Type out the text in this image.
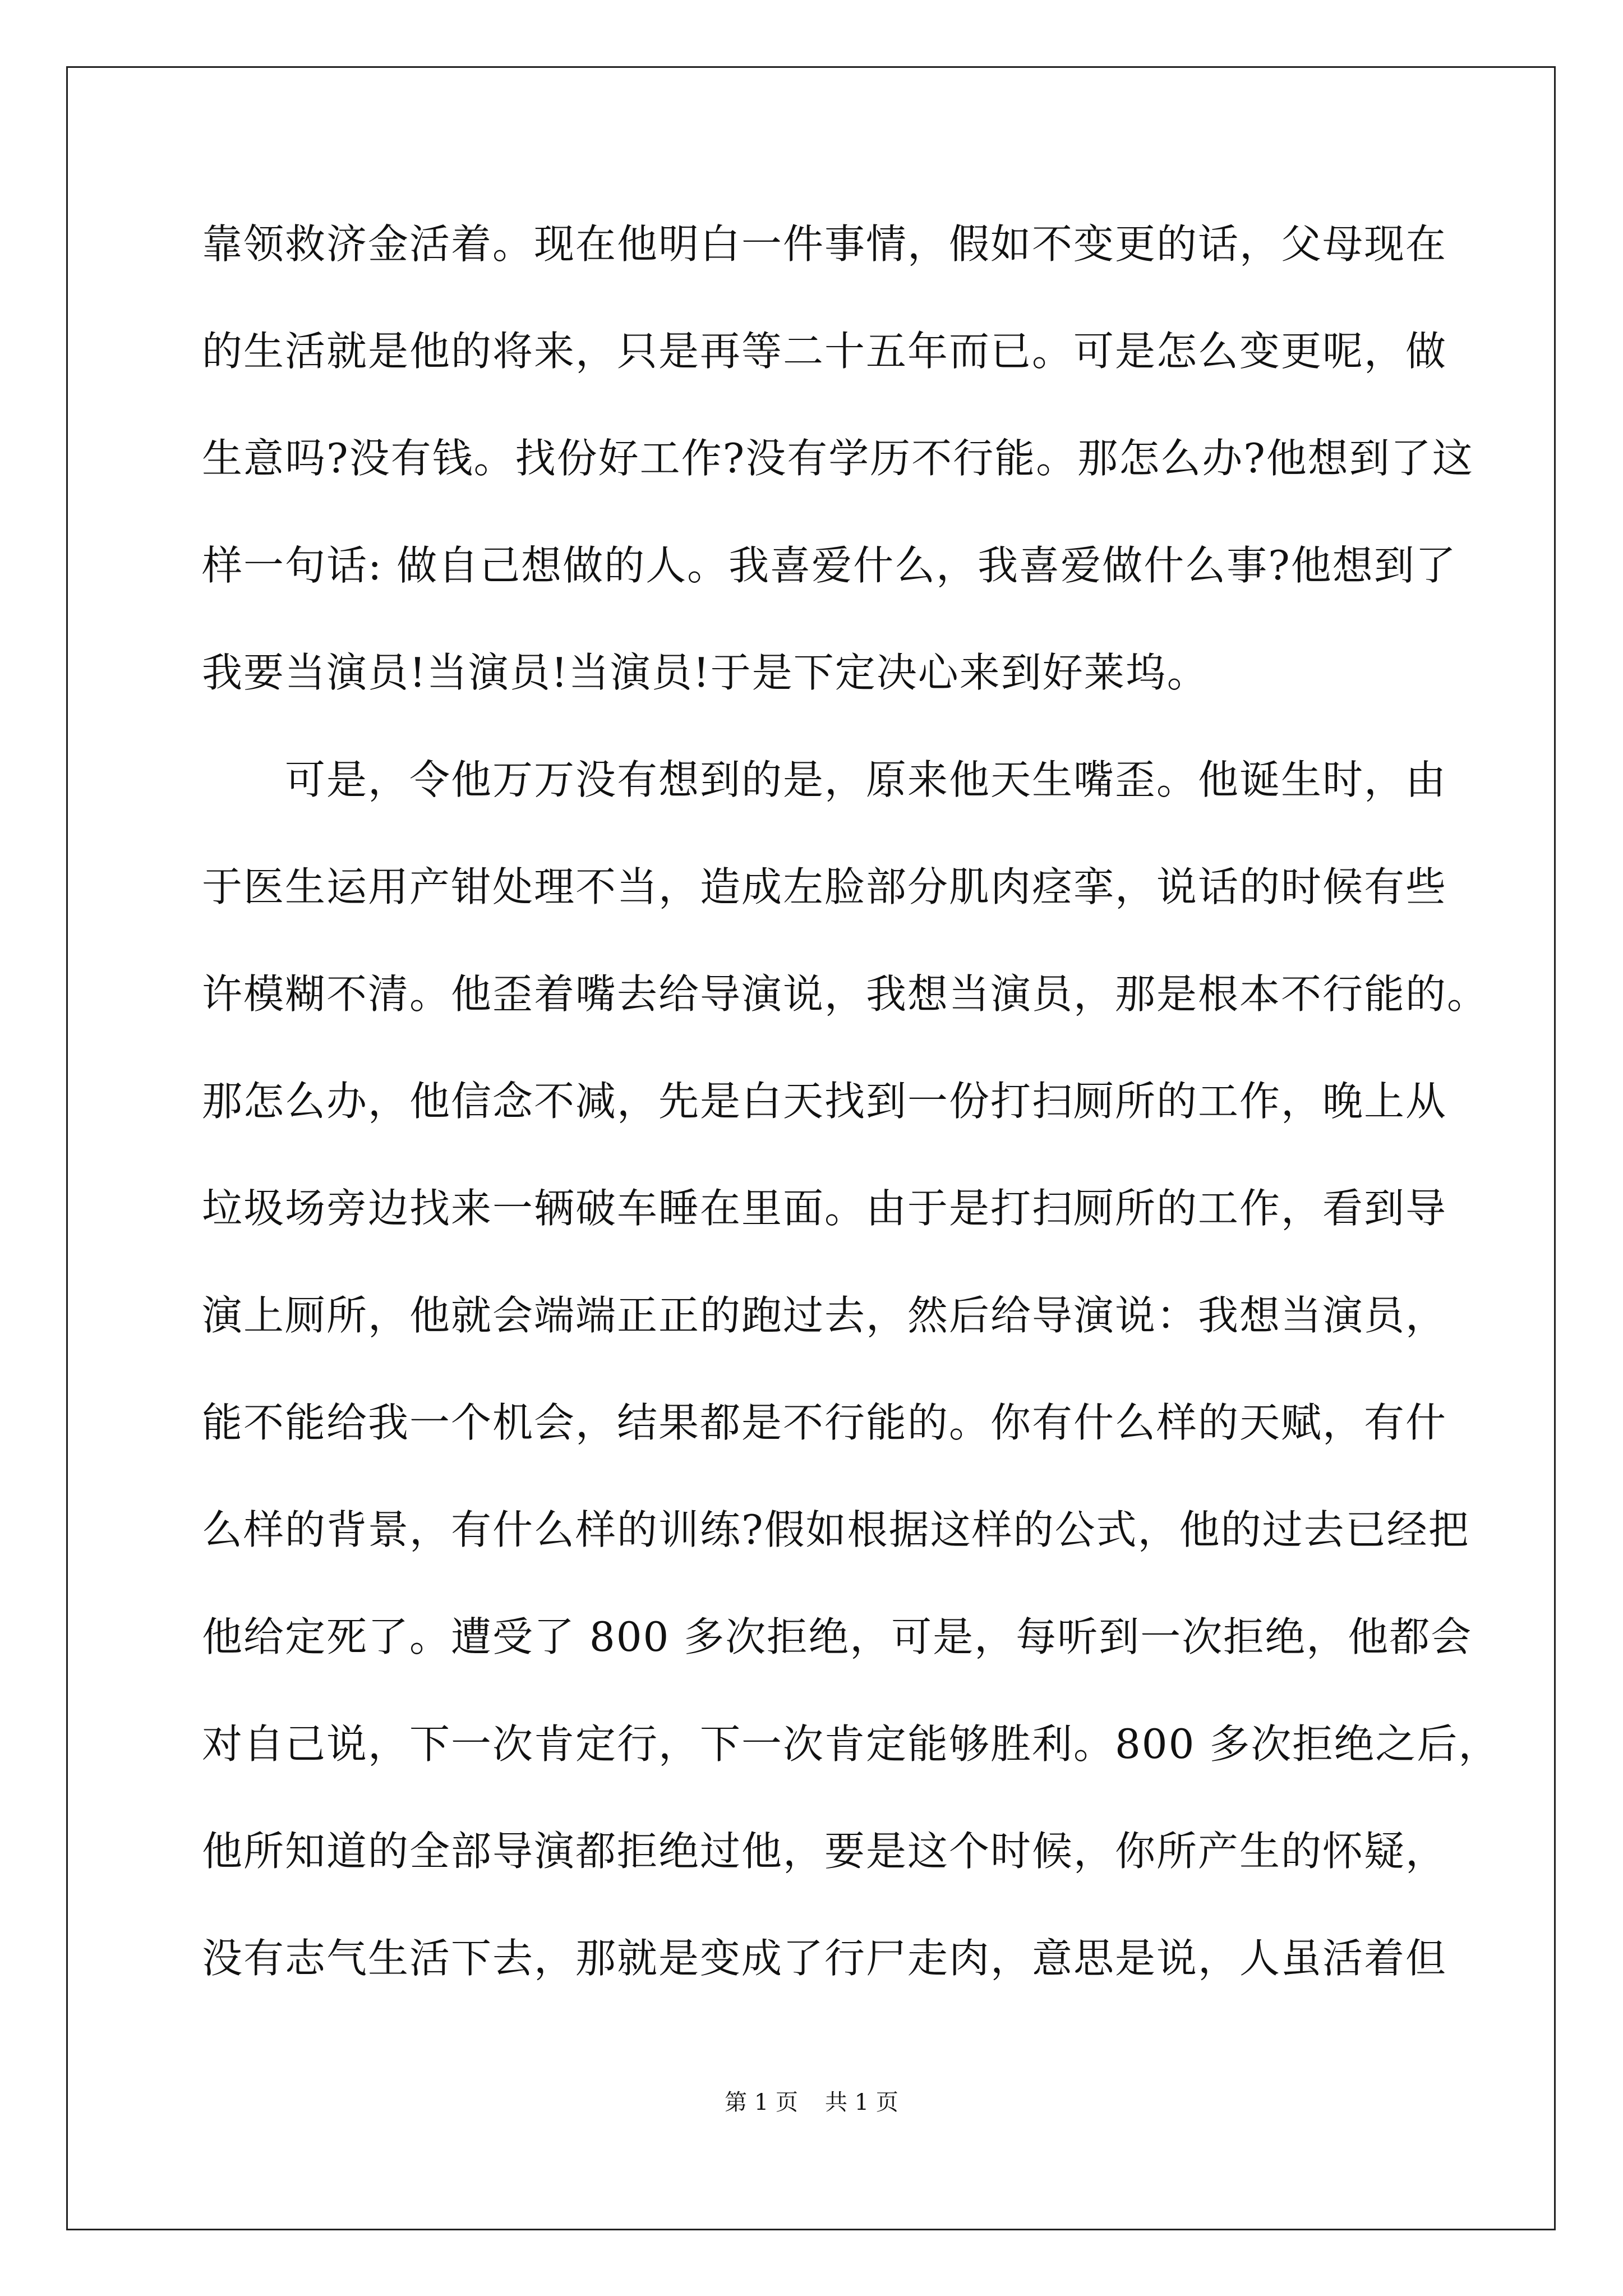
靠领救济金活着。现在他明白一件事情，假如不变更的话，父母现在
的生活就是他的将来，只是再等二十五年而已。可是怎么变更呢，做
生意吗?没有钱。找份好工作?没有学历不行能。那怎么办?他想到了这
样一句话: 做自己想做的人。我喜爱什么，我喜爱做什么事?他想到了
我要当演员!当演员!当演员!于是下定决心来到好莱坞。
可是，令他万万没有想到的是，原来他天生嘴歪。他诞生时，由
于医生运用产钳处理不当，造成左脸部分肌肉痉挛，说话的时候有些
许模糊不清。他歪着嘴去给导演说，我想当演员，那是根本不行能的。
那怎么办，他信念不减，先是白天找到一份打扫厕所的工作，晚上从
垃圾场旁边找来一辆破车睡在里面。由于是打扫厕所的工作，看到导
演上厕所，他就会端端正正的跑过去，然后给导演说：我想当演员，
能不能给我一个机会，结果都是不行能的。你有什么样的天赋，有什
么样的背景，有什么样的训练?假如根据这样的公式，他的过去已经把
他给定死了。遭受了 800 多次拒绝，可是，每听到一次拒绝，他都会
对自己说，下一次肯定行，下一次肯定能够胜利。800 多次拒绝之后，
他所知道的全部导演都拒绝过他，要是这个时候，你所产生的怀疑，
没有志气生活下去，那就是变成了行尸走肉，意思是说，人虽活着但
第 1 页 共 1 页
